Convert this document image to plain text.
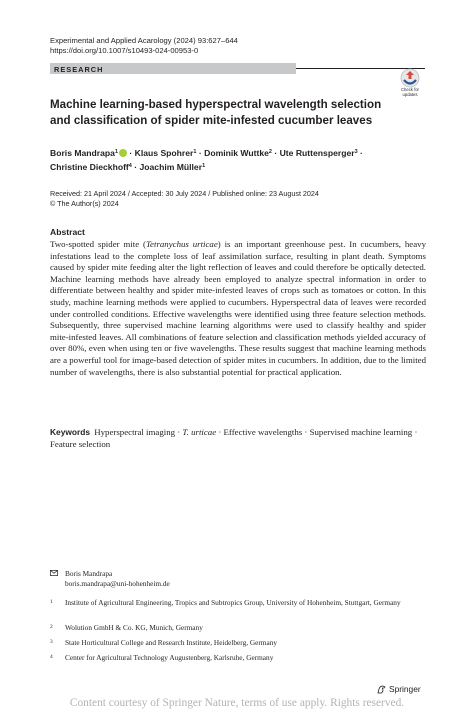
Experimental and Applied Acarology (2024) 93:627–644
https://doi.org/10.1007/s10493-024-00953-0
RESEARCH
Check for
updates
Machine learning-based hyperspectral wavelength selection
and classification of spider mite-infested cucumber leaves
Boris Mandrapa$^1$ · Klaus Spohrer$^1$ · Dominik Wuttke$^2$ · Ute Ruttensperger$^3$ ·
Christine Dieckhoff$^4$ · Joachim Müller$^1$
Received: 21 April 2024 / Accepted: 30 July 2024 / Published online: 23 August 2024
© The Author(s) 2024
Abstract
Two-spotted spider mite (Tetranychus urticae) is an important greenhouse pest. In cucumbers, heavy infestations lead to the complete loss of leaf assimilation surface, resulting in plant death. Symptoms caused by spider mite feeding alter the light reflection of leaves and could therefore be optically detected. Machine learning methods have already been employed to analyze spectral information in order to differentiate between healthy and spider mite-infested leaves of crops such as tomatoes or cotton. In this study, machine learning methods were applied to cucumbers. Hyperspectral data of leaves were recorded under controlled conditions. Effective wavelengths were identified using three feature selection methods. Subsequently, three supervised machine learning algorithms were used to classify healthy and spider mite-infested leaves. All combinations of feature selection and classification methods yielded accuracy of over 80%, even when using ten or five wavelengths. These results suggest that machine learning methods are a powerful tool for image-based detection of spider mites in cucumbers. In addition, due to the limited number of wavelengths, there is also substantial potential for practical application.
Keywords Hyperspectral imaging · T. urticae · Effective wavelengths · Supervised machine learning · Feature selection
Boris Mandrapa
boris.mandrapa@uni-hohenheim.de
1 Institute of Agricultural Engineering, Tropics and Subtropics Group, University of Hohenheim, Stuttgart, Germany
2 Wolution GmbH & Co. KG, Munich, Germany
3 State Horticultural College and Research Institute, Heidelberg, Germany
4 Center for Agricultural Technology Augustenberg, Karlsruhe, Germany
Springer
Content courtesy of Springer Nature, terms of use apply. Rights reserved.
